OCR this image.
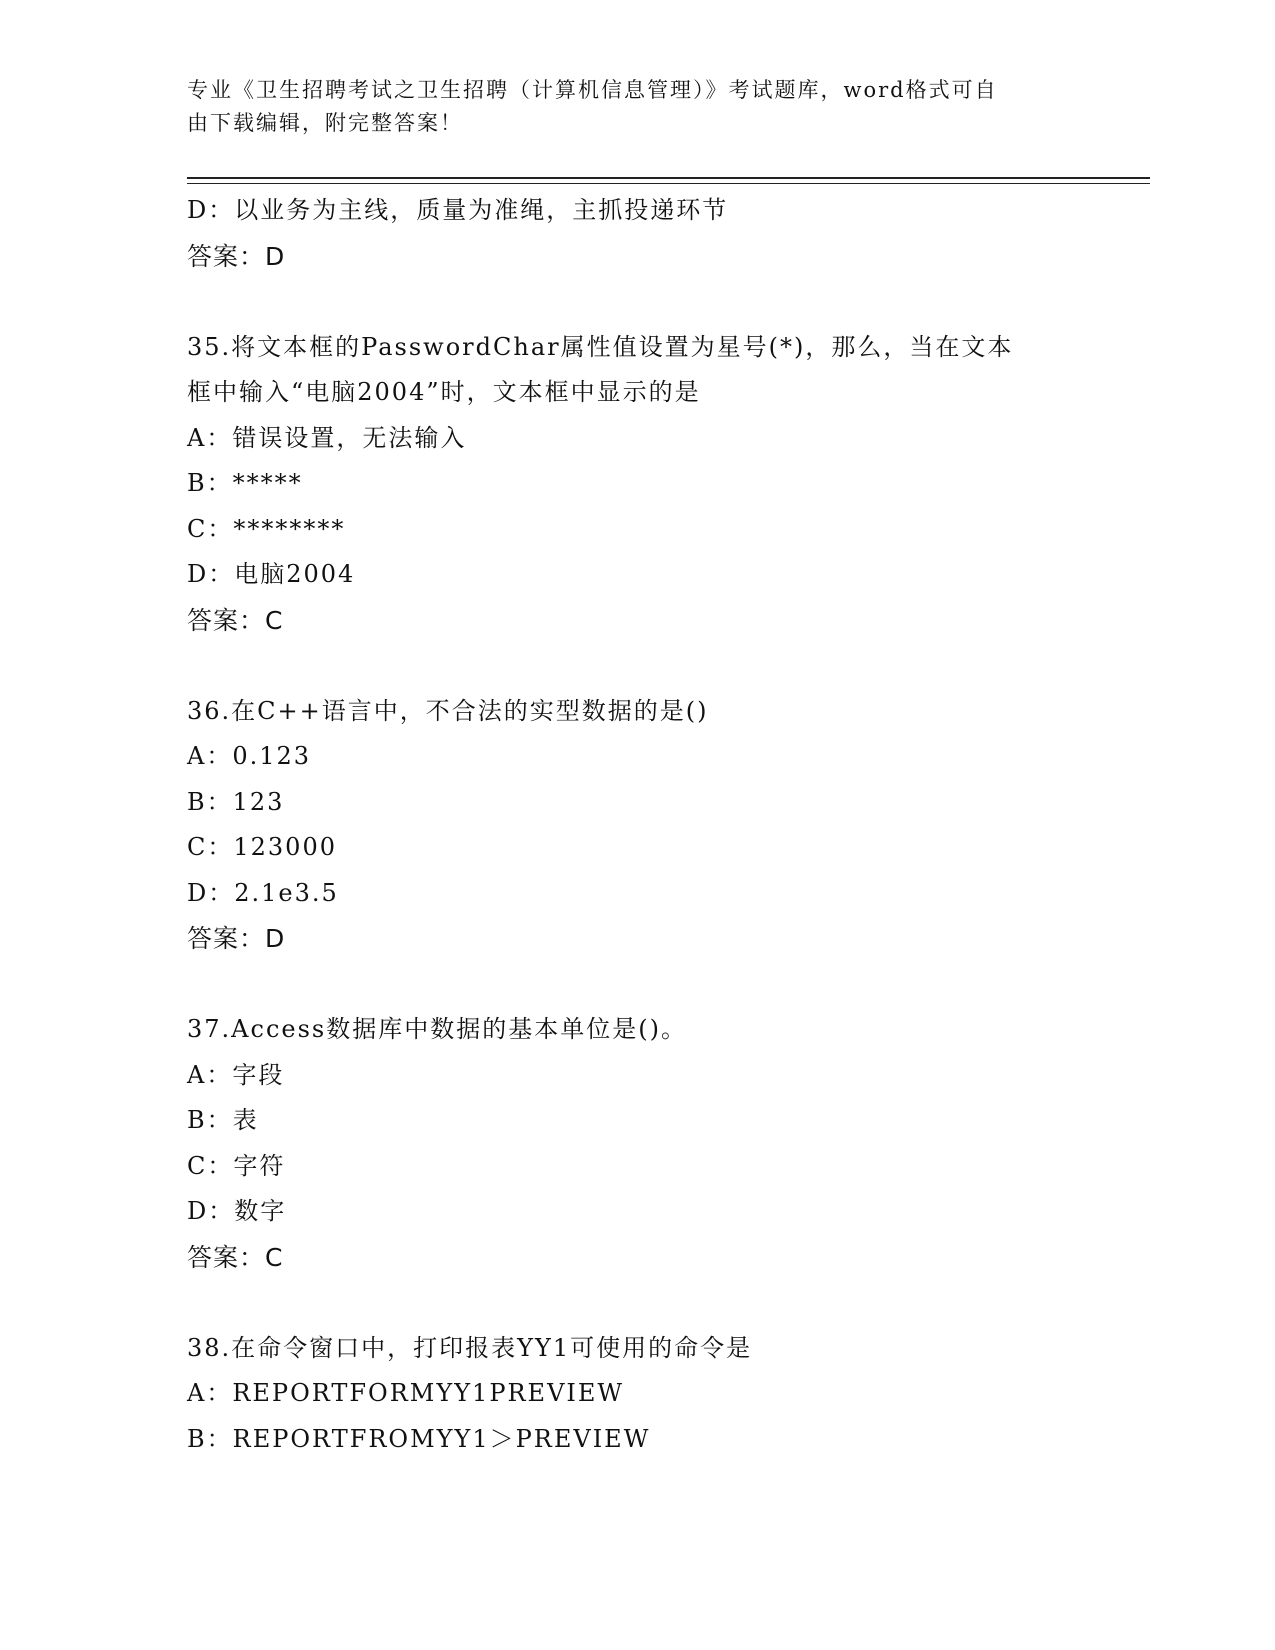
专业《卫生招聘考试之卫生招聘（计算机信息管理）》考试题库，word格式可自
由下载编辑，附完整答案！
D：以业务为主线，质量为准绳，主抓投递环节
答案：D
35.将文本框的PasswordChar属性值设置为星号(*)，那么，当在文本
框中输入“电脑2004”时，文本框中显示的是
A：错误设置，无法输入
B：*****
C：********
D：电脑2004
答案：C
36.在C++语言中，不合法的实型数据的是()
A：0.123
B：123
C：123000
D：2.1e3.5
答案：D
37.Access数据库中数据的基本单位是()。
A：字段
B：表
C：字符
D：数字
答案：C
38.在命令窗口中，打印报表YY1可使用的命令是
A：REPORTFORMYY1PREVIEW
B：REPORTFROMYY1＞PREVIEW
